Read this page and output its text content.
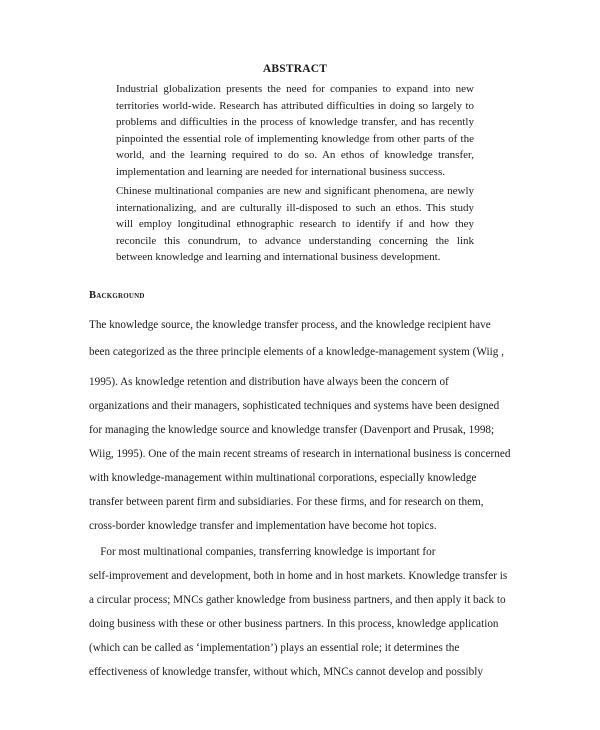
ABSTRACT
Industrial globalization presents the need for companies to expand into new
territories world-wide. Research has attributed difficulties in doing so largely to
problems and difficulties in the process of knowledge transfer, and has recently
pinpointed the essential role of implementing knowledge from other parts of the
world, and the learning required to do so. An ethos of knowledge transfer,
implementation and learning are needed for international business success.
Chinese multinational companies are new and significant phenomena, are newly
internationalizing, and are culturally ill-disposed to such an ethos. This study
will employ longitudinal ethnographic research to identify if and how they
reconcile this conundrum, to advance understanding concerning the link
between knowledge and learning and international business development.
Background
The knowledge source, the knowledge transfer process, and the knowledge recipient have
been categorized as the three principle elements of a knowledge-management system (Wiig ,
1995). As knowledge retention and distribution have always been the concern of
organizations and their managers, sophisticated techniques and systems have been designed
for managing the knowledge source and knowledge transfer (Davenport and Prusak, 1998;
Wiig, 1995). One of the main recent streams of research in international business is concerned
with knowledge-management within multinational corporations, especially knowledge
transfer between parent firm and subsidiaries. For these firms, and for research on them,
cross-border knowledge transfer and implementation have become hot topics.
For most multinational companies, transferring knowledge is important for
self-improvement and development, both in home and in host markets. Knowledge transfer is
a circular process; MNCs gather knowledge from business partners, and then apply it back to
doing business with these or other business partners. In this process, knowledge application
(which can be called as ‘implementation’) plays an essential role; it determines the
effectiveness of knowledge transfer, without which, MNCs cannot develop and possibly
